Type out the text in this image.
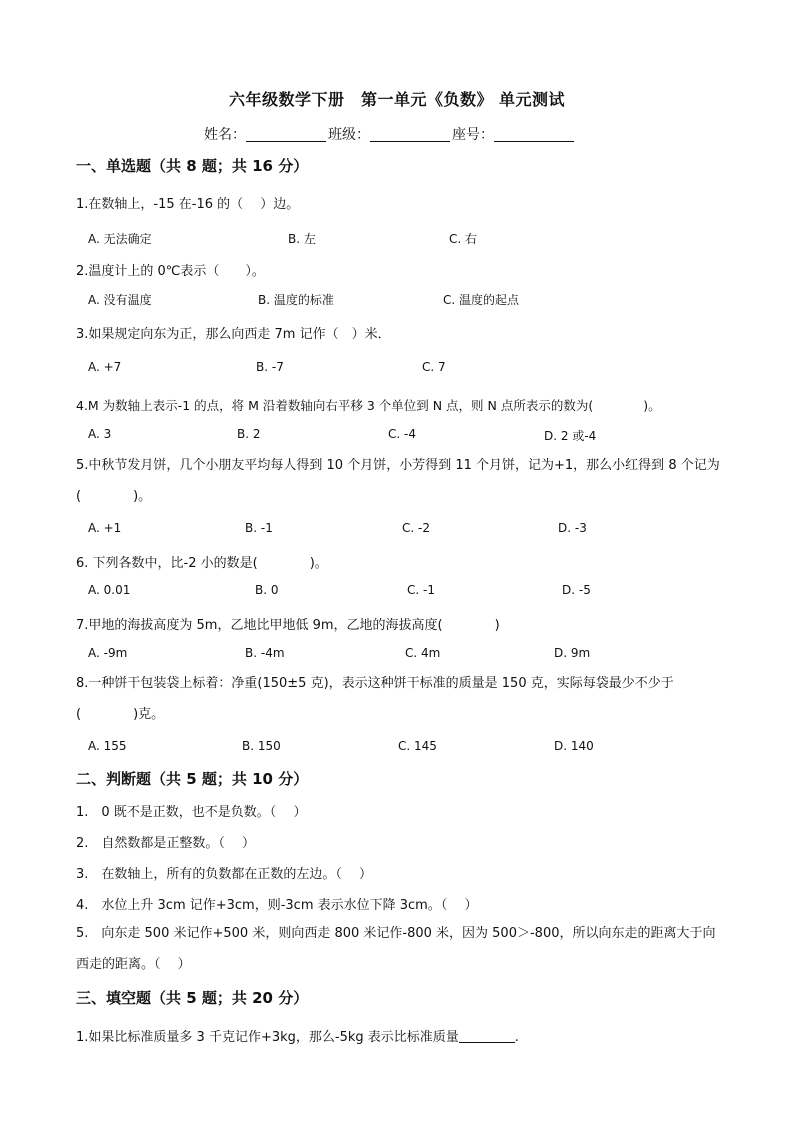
六年级数学下册　第一单元《负数》 单元测试
姓名：	班级：	座号：
一、单选题（共 8 题；共 16 分）
1.在数轴上，-15 在-16 的（　 ）边。
A. 无法确定	B. 左	C. 右
2.温度计上的 0℃表示（　　）。
A. 没有温度	B. 温度的标准	C. 温度的起点
3.如果规定向东为正，那么向西走 7m 记作（　）米．
A. +7	B. -7	C. 7
4.M 为数轴上表示-1 的点，将 M 沿着数轴向右平移 3 个单位到 N 点，则 N 点所表示的数为(　　　　)。
A. 3	B. 2	C. -4	D. 2 或-4
5.中秋节发月饼，几个小朋友平均每人得到 10 个月饼，小芳得到 11 个月饼，记为+1，那么小红得到 8 个记为(　　　　)。
A. +1	B. -1	C. -2	D. -3
6. 下列各数中，比-2 小的数是(　　　　)。
A. 0.01	B. 0	C. -1	D. -5
7.甲地的海拔高度为 5m，乙地比甲地低 9m，乙地的海拔高度(　　　　)
A. -9m	B. -4m	C. 4m	D. 9m
8.一种饼干包装袋上标着：净重(150±5 克)，表示这种饼干标准的质量是 150 克，实际每袋最少不少于(　　　　)克。
A. 155	B. 150	C. 145	D. 140
二、判断题（共 5 题；共 10 分）
1.　0 既不是正数，也不是负数。（　 ）
2.　自然数都是正整数。（　 ）
3.　在数轴上，所有的负数都在正数的左边。（　 ）
4.　水位上升 3cm 记作+3cm，则-3cm 表示水位下降 3cm。（　 ）
5.　向东走 500 米记作+500 米，则向西走 800 米记作-800 米，因为 500＞-800，所以向东走的距离大于向西走的距离。（　 ）
三、填空题（共 5 题；共 20 分）
1.如果比标准质量多 3 千克记作+3kg，那么-5kg 表示比标准质量	.
